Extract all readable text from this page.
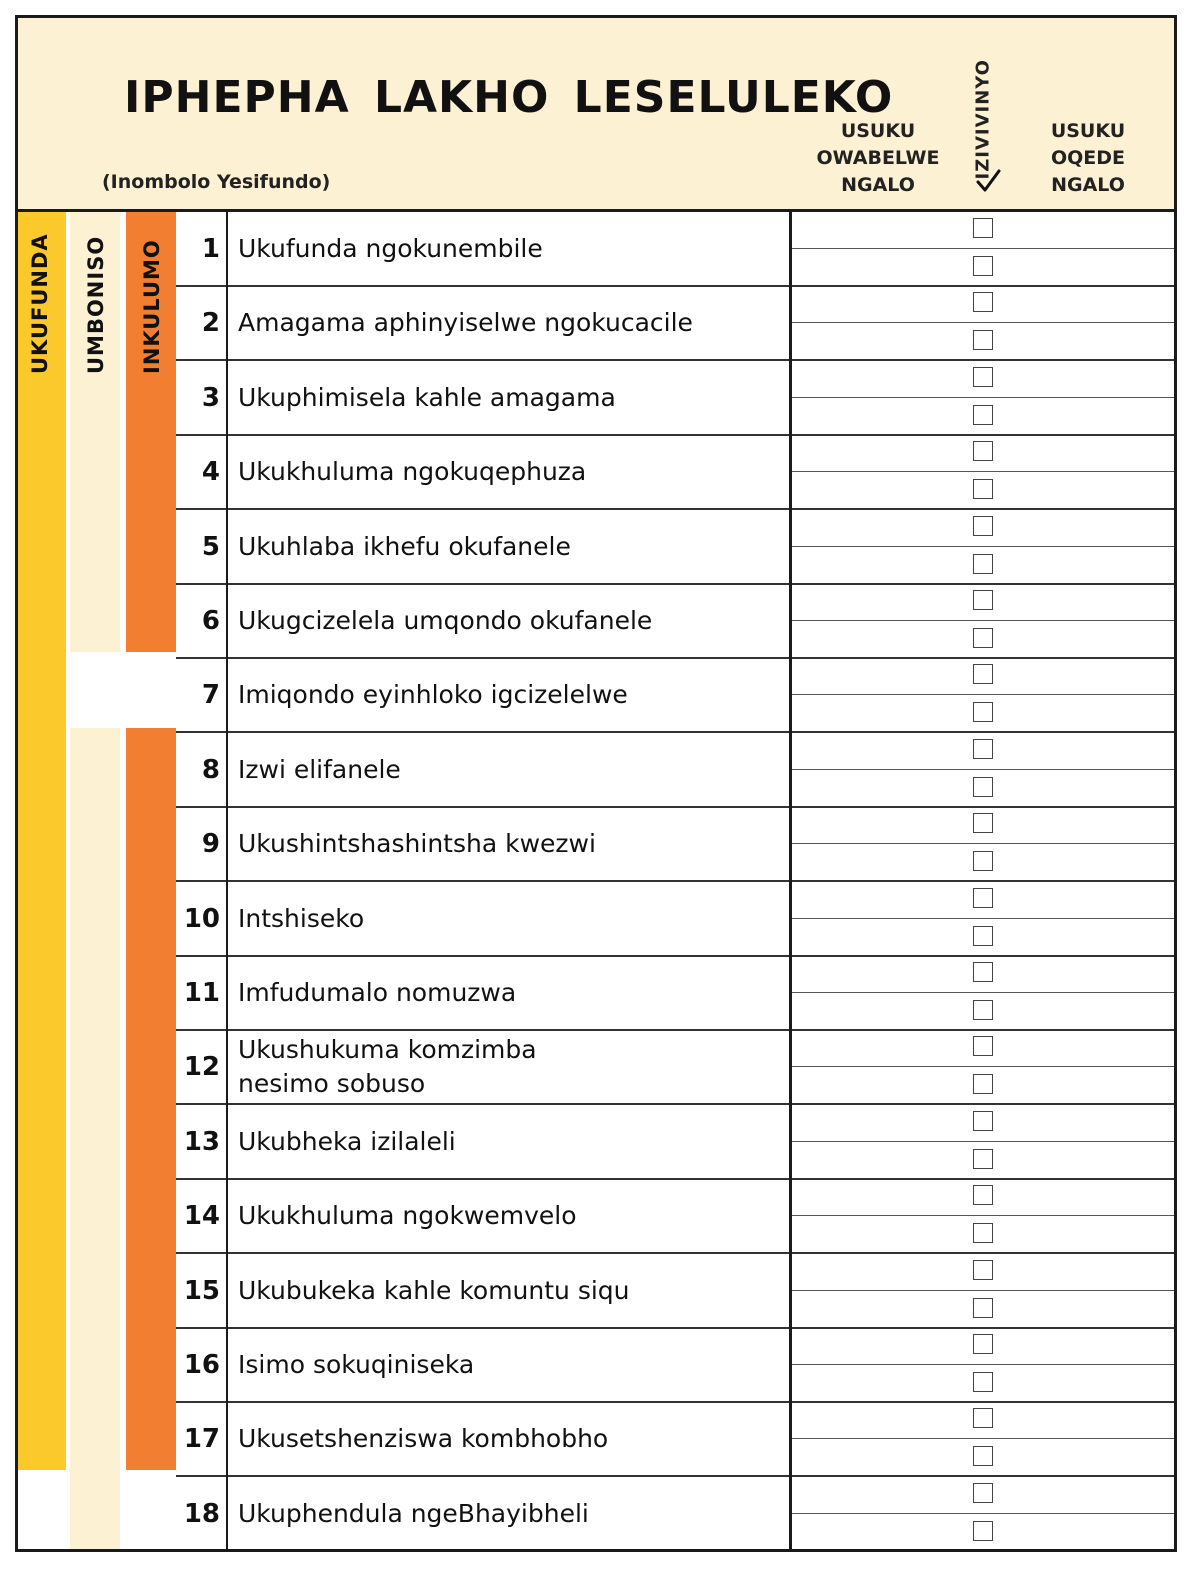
IPHEPHA LAKHO LESELULEKO
(Inombolo Yesifundo)
USUKU
OWABELWE
NGALO
IZIVIVINYO	USUKU
OQEDE
NGALO
UKUFUNDA UMBONISO INKULUMO	1 Ukufunda ngokunembile
2 Amagama aphinyiselwe ngokucacile
3 Ukuphimisela kahle amagama
4 Ukukhuluma ngokuqephuza
5 Ukuhlaba ikhefu okufanele
6 Ukugcizelela umqondo okufanele
7 Imiqondo eyinhloko igcizelelwe
8 Izwi elifanele
9 Ukushintshashintsha kwezwi
10 Intshiseko
11 Imfudumalo nomuzwa
12
Ukushukuma komzimba
nesimo sobuso
13 Ukubheka izilaleli
14 Ukukhuluma ngokwemvelo
15 Ukubukeka kahle komuntu siqu
16 Isimo sokuqiniseka
17 Ukusetshenziswa kombhobho
18 Ukuphendula ngeBhayibheli
